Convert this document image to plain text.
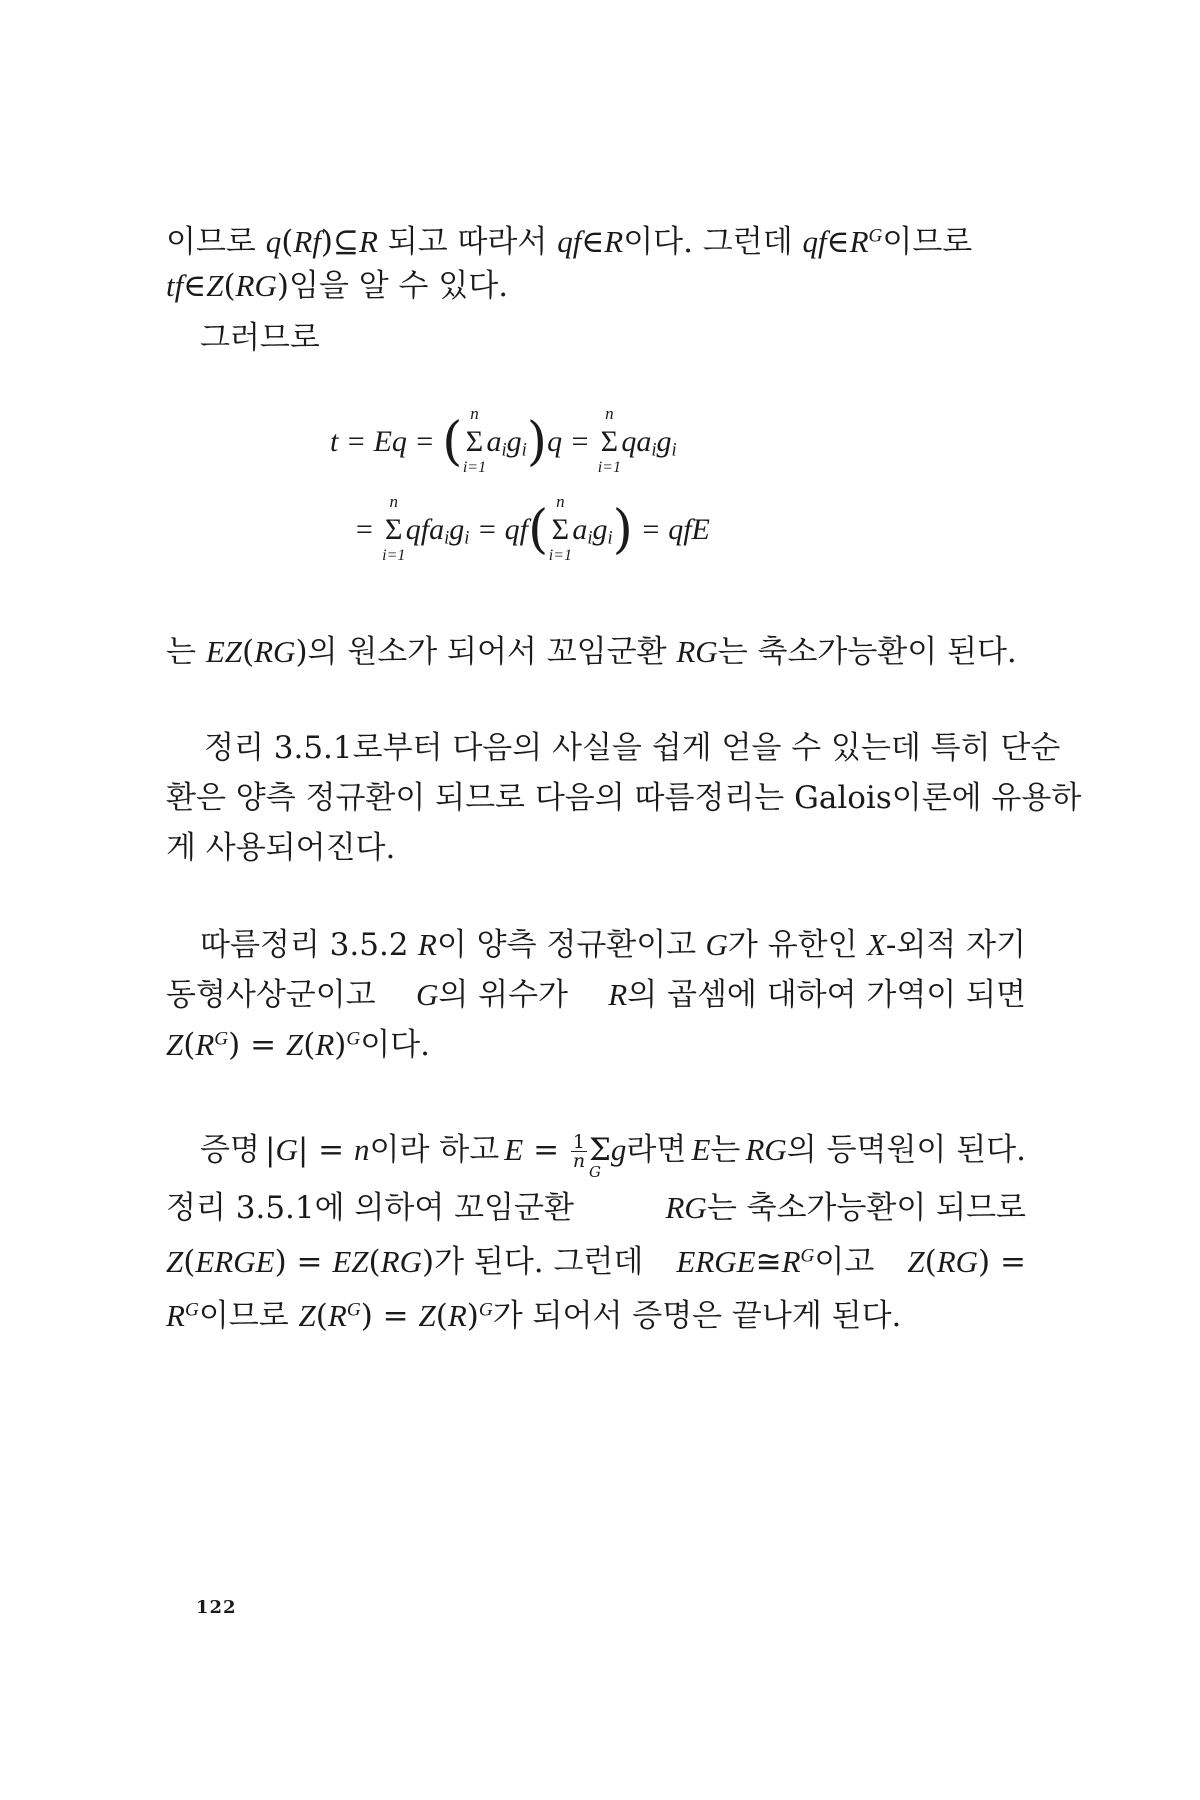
이므로 q(Rf)⊆R 되고 따라서 qf∈R이다. 그런데 $qf\in R^G$이므로
tf∈Z(RG)임을 알 수 있다.
그러므로
t = Eq = ( Σ
n
i=1
$a_ig_i)q = \Sigma$
n
i=1
$qa_ig_i$
= Σ
n
i=1
$qfa_ig_i = qf$( Σ
n
i=1
$a_ig_i$) = qfE
는 EZ(RG)의 원소가 되어서 꼬임군환 RG는 축소가능환이 된다.
정리 3.5.1로부터 다음의 사실을 쉽게 얻을 수 있는데 특히 단순
환은 양측 정규환이 되므로 다음의 따름정리는 Galois이론에 유용하
게 사용되어진다.
따름정리 3.5.2 R이 양측 정규환이고 G가 유한인 X-외적 자기
동형사상군이고 G의 위수가 R의 곱셈에 대하여 가역이 되면
$Z(R^G) = Z(R)^G$이다.
증명 |G| = n이라 하고 $E = \frac{1}{n}$ Σ
G
g라면 E는 RG의 등멱원이 된다.
정리 3.5.1에 의하여 꼬임군환	RG는 축소가능환이 되므로
Z(ERGE) = EZ(RG)가 된다. 그런데 $ERGE≅R^G$이고 Z(RG) =
$R^G$이므로 $Z(R^G) = Z(R)^G$가 되어서 증명은 끝나게 된다.
122
